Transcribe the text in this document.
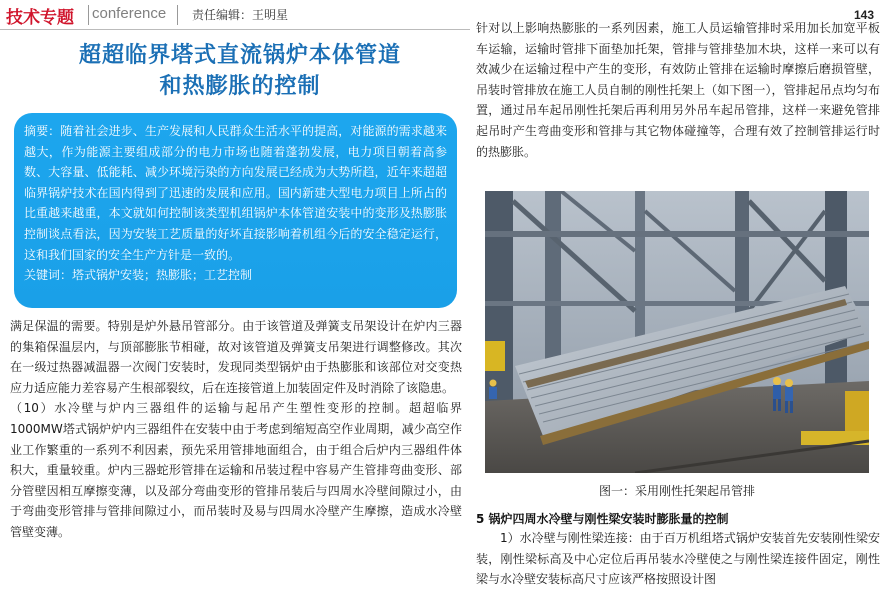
技术专题 conference 责任编辑：王明星	143
超超临界塔式直流锅炉本体管道
和热膨胀的控制

摘要：随着社会进步、生产发展和人民群众生活水平的提高，对能源的需求越来越大，作为能源主要组成部分的电力市场也随着蓬勃发展，电力项目朝着高参数、大容量、低能耗、减少环境污染的方向发展已经成为大势所趋，近年来超超临界锅炉技术在国内得到了迅速的发展和应用。国内新建大型电力项目上所占的比重越来越重，本文就如何控制该类型机组锅炉本体管道安装中的变形及热膨胀控制谈点看法，因为安装工艺质量的好坏直接影响着机组今后的安全稳定运行，这和我们国家的安全生产方针是一致的。

关键词：塔式锅炉安装；热膨胀；工艺控制

满足保温的需要。特别是炉外悬吊管部分。由于该管道及弹簧支吊架设计在炉内三器的集箱保温层内，与顶部膨胀节相碰，故对该管道及弹簧支吊架进行调整修改。其次在一级过热器减温器一次阀门安装时，发现同类型锅炉由于热膨胀和该部位对交变热应力适应能力差容易产生根部裂纹，后在连接管道上加装固定件及时消除了该隐患。

（10）水冷壁与炉内三器组件的运输与起吊产生塑性变形的控制。超超临界1000MW塔式锅炉炉内三器组件在安装中由于考虑到缩短高空作业周期，减少高空作业工作繁重的一系列不利因素，预先采用管排地面组合，由于组合后炉内三器组件体积大，重量较重。炉内三器蛇形管排在运输和吊装过程中容易产生管排弯曲变形、部分管壁因相互摩擦变薄，以及部分弯曲变形的管排吊装后与四周水冷壁间隙过小，由于弯曲变形管排与管排间隙过小，而吊装时及易与四周水冷壁产生摩擦，造成水冷壁管壁变薄。

针对以上影响热膨胀的一系列因素，施工人员运输管排时采用加长加宽平板车运输，运输时管排下面垫加托架，管排与管排垫加木块，这样一来可以有效减少在运输过程中产生的变形，有效防止管排在运输时摩擦后磨损管壁，吊装时管排放在施工人员自制的刚性托架上（如下图一），管排起吊点均匀布置，通过吊车起吊刚性托架后再利用另外吊车起吊管排，这样一来避免管排起吊时产生弯曲变形和管排与其它物体碰撞等，合理有效了控制管排运行时的热膨胀。

图一：采用刚性托架起吊管排
5 锅炉四周水冷壁与刚性梁安装时膨胀量的控制

1）水冷壁与刚性梁连接：由于百万机组塔式锅炉安装首先安装刚性梁安装，刚性梁标高及中心定位后再吊装水冷壁使之与刚性梁连接件固定，刚性梁与水冷壁安装标高尺寸应该严格按照设计图
